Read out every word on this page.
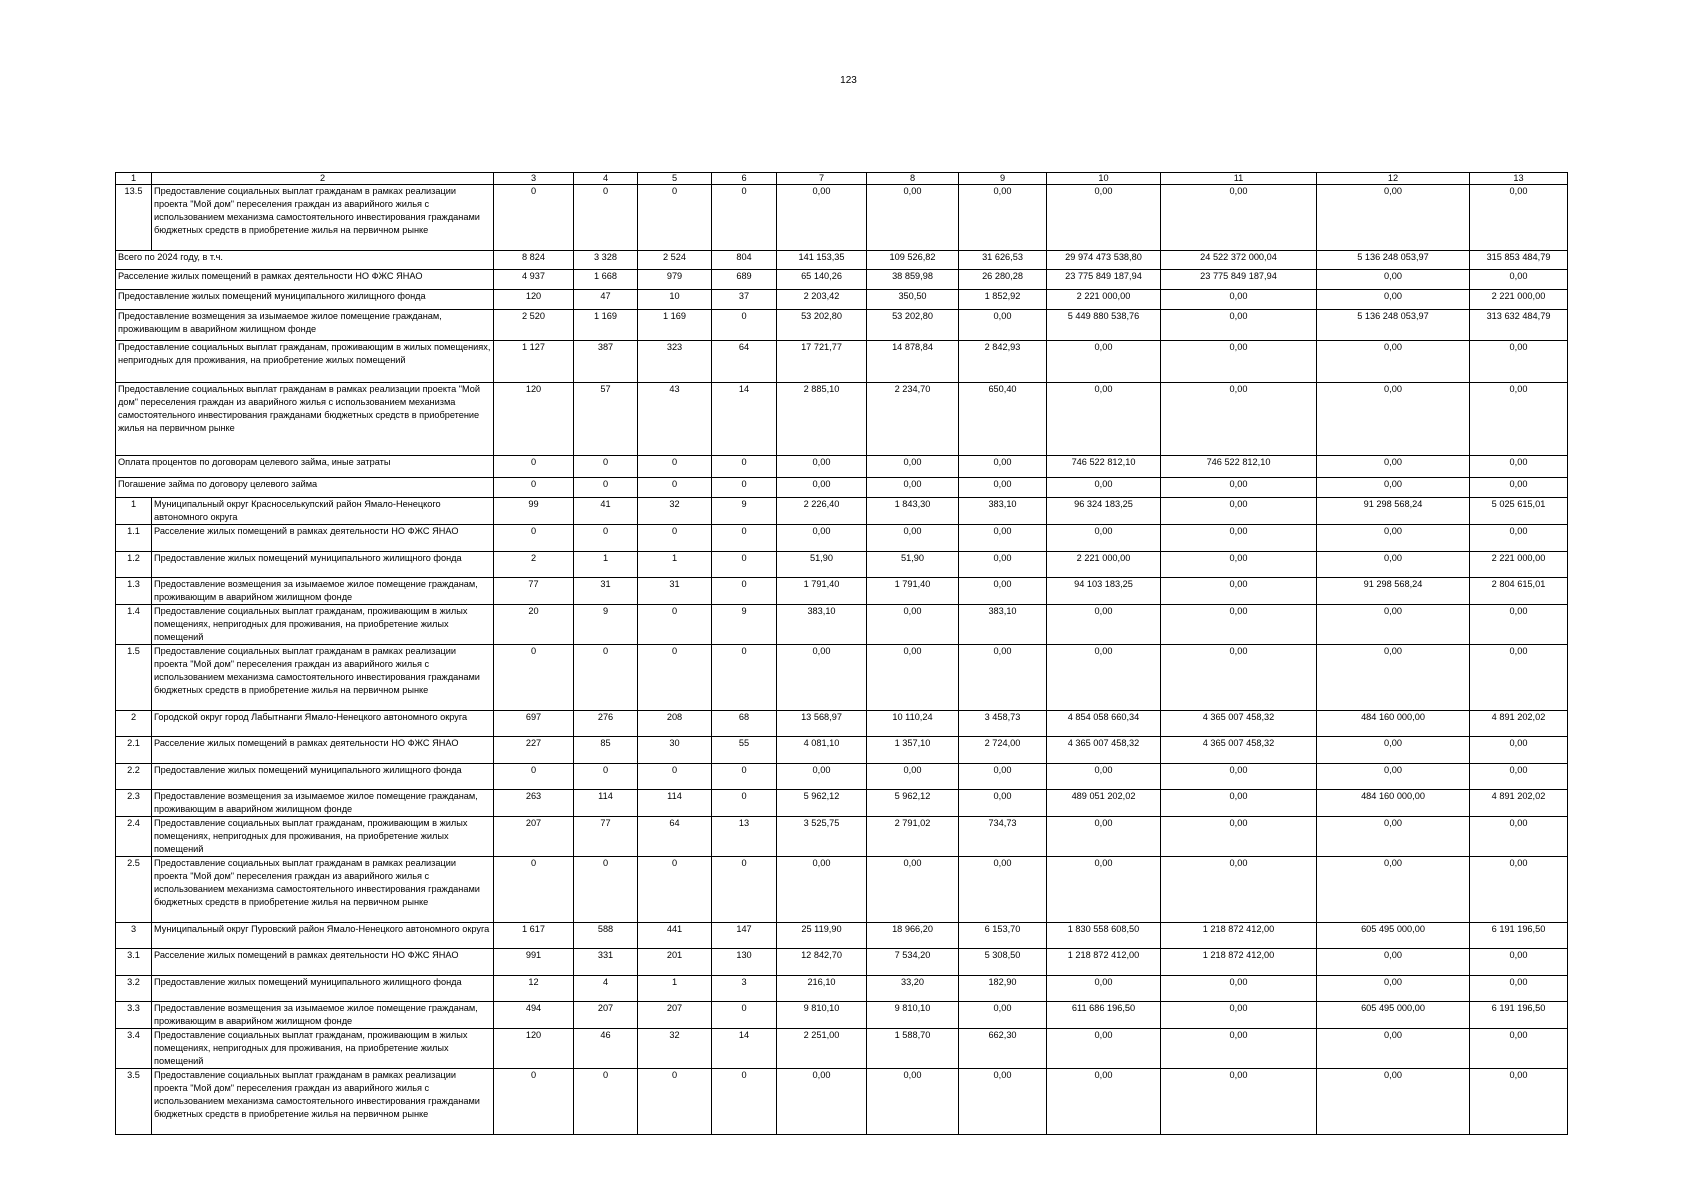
123
1	2	3	4	5	6	7	8	9	10	11	12	13
13.5	Предоставление социальных выплат гражданам в рамках реализации проекта "Мой дом" переселения граждан из аварийного жилья с использованием механизма самостоятельного инвестирования гражданами бюджетных средств в приобретение жилья на первичном рынке	0	0	0	0	0,00	0,00	0,00	0,00	0,00	0,00	0,00
Всего по 2024 году, в т.ч.		8 824	3 328	2 524	804	141 153,35	109 526,82	31 626,53	29 974 473 538,80	24 522 372 000,04	5 136 248 053,97	315 853 484,79
Расселение жилых помещений в рамках деятельности НО ФЖС ЯНАО		4 937	1 668	979	689	65 140,26	38 859,98	26 280,28	23 775 849 187,94	23 775 849 187,94	0,00	0,00
Предоставление жилых помещений муниципального жилищного фонда		120	47	10	37	2 203,42	350,50	1 852,92	2 221 000,00	0,00	0,00	2 221 000,00
Предоставление возмещения за изымаемое жилое помещение гражданам, проживающим в аварийном жилищном фонде		2 520	1 169	1 169	0	53 202,80	53 202,80	0,00	5 449 880 538,76	0,00	5 136 248 053,97	313 632 484,79
Предоставление социальных выплат гражданам, проживающим в жилых помещениях, непригодных для проживания, на приобретение жилых помещений		1 127	387	323	64	17 721,77	14 878,84	2 842,93	0,00	0,00	0,00	0,00
Предоставление социальных выплат гражданам в рамках реализации проекта "Мой дом" переселения граждан из аварийного жилья с использованием механизма самостоятельного инвестирования гражданами бюджетных средств в приобретение жилья на первичном рынке		120	57	43	14	2 885,10	2 234,70	650,40	0,00	0,00	0,00	0,00
Оплата процентов по договорам целевого займа, иные затраты		0	0	0	0	0,00	0,00	0,00	746 522 812,10	746 522 812,10	0,00	0,00
Погашение займа по договору целевого займа		0	0	0	0	0,00	0,00	0,00	0,00	0,00	0,00	0,00
1	Муниципальный округ Красноселькупский район Ямало-Ненецкого автономного округа	99	41	32	9	2 226,40	1 843,30	383,10	96 324 183,25	0,00	91 298 568,24	5 025 615,01
1.1	Расселение жилых помещений в рамках деятельности НО ФЖС ЯНАО	0	0	0	0	0,00	0,00	0,00	0,00	0,00	0,00	0,00
1.2	Предоставление жилых помещений муниципального жилищного фонда	2	1	1	0	51,90	51,90	0,00	2 221 000,00	0,00	0,00	2 221 000,00
1.3	Предоставление возмещения за изымаемое жилое помещение гражданам, проживающим в аварийном жилищном фонде	77	31	31	0	1 791,40	1 791,40	0,00	94 103 183,25	0,00	91 298 568,24	2 804 615,01
1.4	Предоставление социальных выплат гражданам, проживающим в жилых помещениях, непригодных для проживания, на приобретение жилых помещений	20	9	0	9	383,10	0,00	383,10	0,00	0,00	0,00	0,00
1.5	Предоставление социальных выплат гражданам в рамках реализации проекта "Мой дом" переселения граждан из аварийного жилья с использованием механизма самостоятельного инвестирования гражданами бюджетных средств в приобретение жилья на первичном рынке	0	0	0	0	0,00	0,00	0,00	0,00	0,00	0,00	0,00
2	Городской округ город Лабытнанги Ямало-Ненецкого автономного округа	697	276	208	68	13 568,97	10 110,24	3 458,73	4 854 058 660,34	4 365 007 458,32	484 160 000,00	4 891 202,02
2.1	Расселение жилых помещений в рамках деятельности НО ФЖС ЯНАО	227	85	30	55	4 081,10	1 357,10	2 724,00	4 365 007 458,32	4 365 007 458,32	0,00	0,00
2.2	Предоставление жилых помещений муниципального жилищного фонда	0	0	0	0	0,00	0,00	0,00	0,00	0,00	0,00	0,00
2.3	Предоставление возмещения за изымаемое жилое помещение гражданам, проживающим в аварийном жилищном фонде	263	114	114	0	5 962,12	5 962,12	0,00	489 051 202,02	0,00	484 160 000,00	4 891 202,02
2.4	Предоставление социальных выплат гражданам, проживающим в жилых помещениях, непригодных для проживания, на приобретение жилых помещений	207	77	64	13	3 525,75	2 791,02	734,73	0,00	0,00	0,00	0,00
2.5	Предоставление социальных выплат гражданам в рамках реализации проекта "Мой дом" переселения граждан из аварийного жилья с использованием механизма самостоятельного инвестирования гражданами бюджетных средств в приобретение жилья на первичном рынке	0	0	0	0	0,00	0,00	0,00	0,00	0,00	0,00	0,00
3	Муниципальный округ Пуровский район Ямало-Ненецкого автономного округа	1 617	588	441	147	25 119,90	18 966,20	6 153,70	1 830 558 608,50	1 218 872 412,00	605 495 000,00	6 191 196,50
3.1	Расселение жилых помещений в рамках деятельности НО ФЖС ЯНАО	991	331	201	130	12 842,70	7 534,20	5 308,50	1 218 872 412,00	1 218 872 412,00	0,00	0,00
3.2	Предоставление жилых помещений муниципального жилищного фонда	12	4	1	3	216,10	33,20	182,90	0,00	0,00	0,00	0,00
3.3	Предоставление возмещения за изымаемое жилое помещение гражданам, проживающим в аварийном жилищном фонде	494	207	207	0	9 810,10	9 810,10	0,00	611 686 196,50	0,00	605 495 000,00	6 191 196,50
3.4	Предоставление социальных выплат гражданам, проживающим в жилых помещениях, непригодных для проживания, на приобретение жилых помещений	120	46	32	14	2 251,00	1 588,70	662,30	0,00	0,00	0,00	0,00
3.5	Предоставление социальных выплат гражданам в рамках реализации проекта "Мой дом" переселения граждан из аварийного жилья с использованием механизма самостоятельного инвестирования гражданами бюджетных средств в приобретение жилья на первичном рынке	0	0	0	0	0,00	0,00	0,00	0,00	0,00	0,00	0,00
